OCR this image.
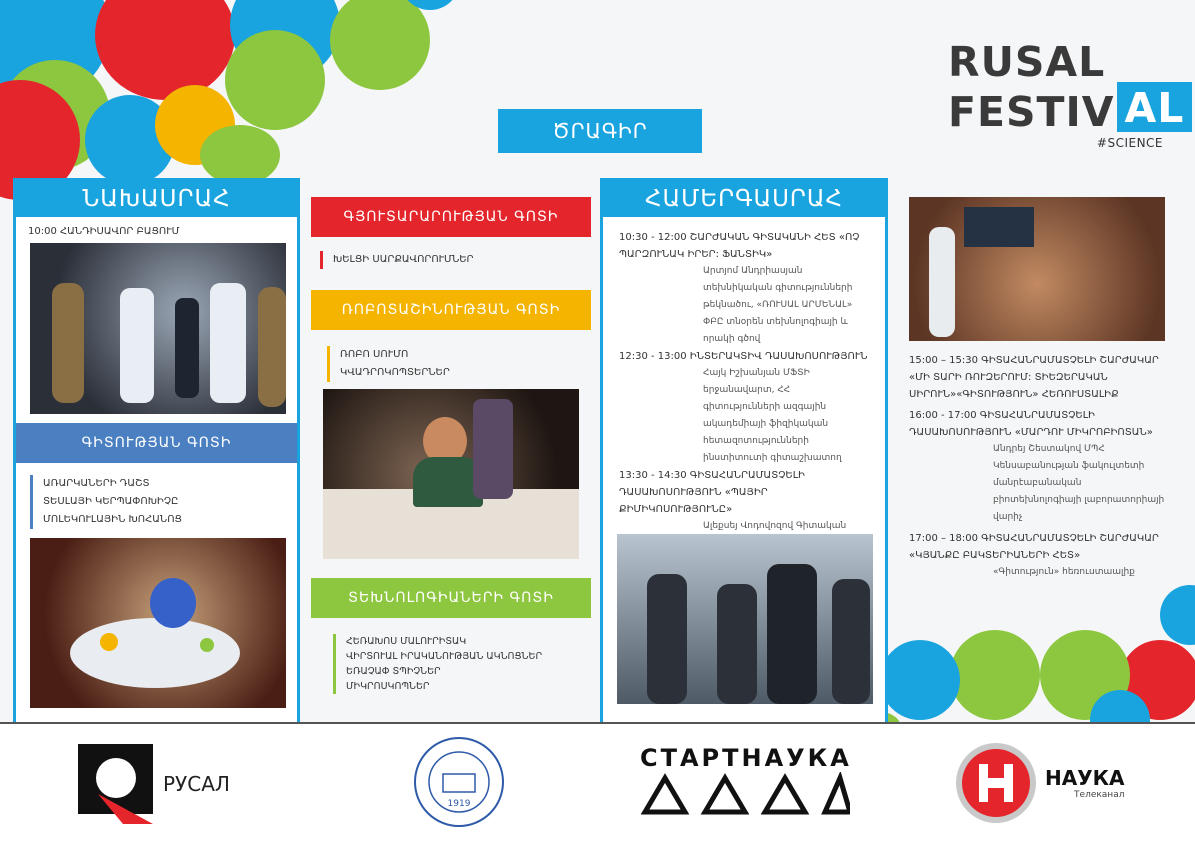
RUSAL
FESTIV AL
#SCIENCE
ԾՐԱԳԻՐ
ՆԱԽԱՍՐԱՀ
10:00 ՀԱՆԴԻՍԱՎՈՐ ԲԱՑՈՒՄ
ԳԻՏՈՒԹՅԱՆ ԳՈՏԻ
ԱՌԱՐԿԱՆԵՐԻ ԴԱՇՏ
ՏԵՍԼԱՅԻ ԿԵՐՊԱՓՈԽԻՉԸ
ՄՈԼԵԿՈՒԼԱՅԻՆ ԽՈՀԱՆՈՑ
ԳՅՈՒՏԱՐԱՐՈՒԹՅԱՆ ԳՈՏԻ
ԽԵԼՑԻ ՍԱՐՔԱՎՈՐՈՒՄՆԵՐ
ՌՈԲՈՏԱՇԻՆՈՒԹՅԱՆ ԳՈՏԻ
ՌՈԲՈ ՍՈՒՄՈ
ԿՎԱԴՐՈԿՈՊՏԵՐՆԵՐ
ՏԵԽՆՈԼՈԳԻԱՆԵՐԻ ԳՈՏԻ
ՀԵՌԱԽՈՍ ՄԱԼՈՒՐԻՏԱԿ
ՎԻՐՏՈՒԱԼ ԻՐԱԿԱՆՈՒԹՅԱՆ ԱԿՆՈՑՆԵՐ
ԵՌԱՉԱՓ ՏՊԻՉՆԵՐ
ՄԻԿՐՈՍԿՈՊՆԵՐ
ՀԱՄԵՐԳԱՍՐԱՀ

10:30 - 12:00 ՇԱՐԺԱԿԱՆ ԳԻՏԱԿԱՆԻ ՀԵՏ «ՈՉ ՊԱՐԶՈՒՆԱԿ ԻՐԵՐ: ՖԱՆՏԻԿ»

Արտյոմ Անդրիասյան տեխնիկական գիտությունների թեկնածու, «ՌՈՒՍԱԼ ԱՐՄԵՆԱԼ» ՓԲԸ տնօրեն տեխնոլոգիայի և որակի գծով

12:30 - 13:00 ԻՆՏԵՐԱԿՏԻՎ ԴԱՍԱԽՈՍՈՒԹՅՈՒՆ

Հայկ Իշխանյան ՄՖՏԻ երջանավարտ, ՀՀ գիտությունների ազգային ակադեմիայի ֆիզիկական հետազոտությունների ինստիտուտի գիտաշխատող

13:30 - 14:30 ԳԻՏԱՀԱՆՐԱՄԱՏՉԵԼԻ ԴԱՍԱԽՈՍՈՒԹՅՈՒՆ «ՊԱՅԻՐ ՔԻՄԻԿՈՍՈՒԹՅՈՒՆԸ»

Ալեքսեյ Վոդովոզով Գիտական

15:00 – 15:30 ԳԻՏԱՀԱՆՐԱՄԱՏՉԵԼԻ ՇԱՐԺԱԿԱՐ «ՄԻ ՏԱՐԻ ՌՈՒԶԵՐՈՒՄ: ՏԻԵԶԵՐԱԿԱՆ ՍԻՐՈՒՆ»«ԳԻՏՈՒԹՅՈՒՆ» ՀԵՌՈՒՍՏԱԼԻՔ

16:00 - 17:00 ԳԻՏԱՀԱՆՐԱՄԱՏՉԵԼԻ ԴԱՍԱԽՈՍՈՒԹՅՈՒՆ «ՄԱՐԴՈՒ ՄԻԿՐՈԲԻՈՏԱՆ»

Անդրեյ Շեստակով ՄՊՀ Կենսաբանության ֆակուլտետի մանրէաբանական բիոտեխնոլոգիայի լաբորատորիայի վարիչ

17:00 – 18:00 ԳԻՏԱՀԱՆՐԱՄԱՏՉԵԼԻ ՇԱՐԺԱԿԱՐ «ԿՅԱՆՔԸ ԲԱԿՏԵՐԻԱՆԵՐԻ ՀԵՏ»

«Գիտություն» հեռուստաալիք

РУСАЛ
1919
СТАРТНАУКА
НАУКА
Телеканал
